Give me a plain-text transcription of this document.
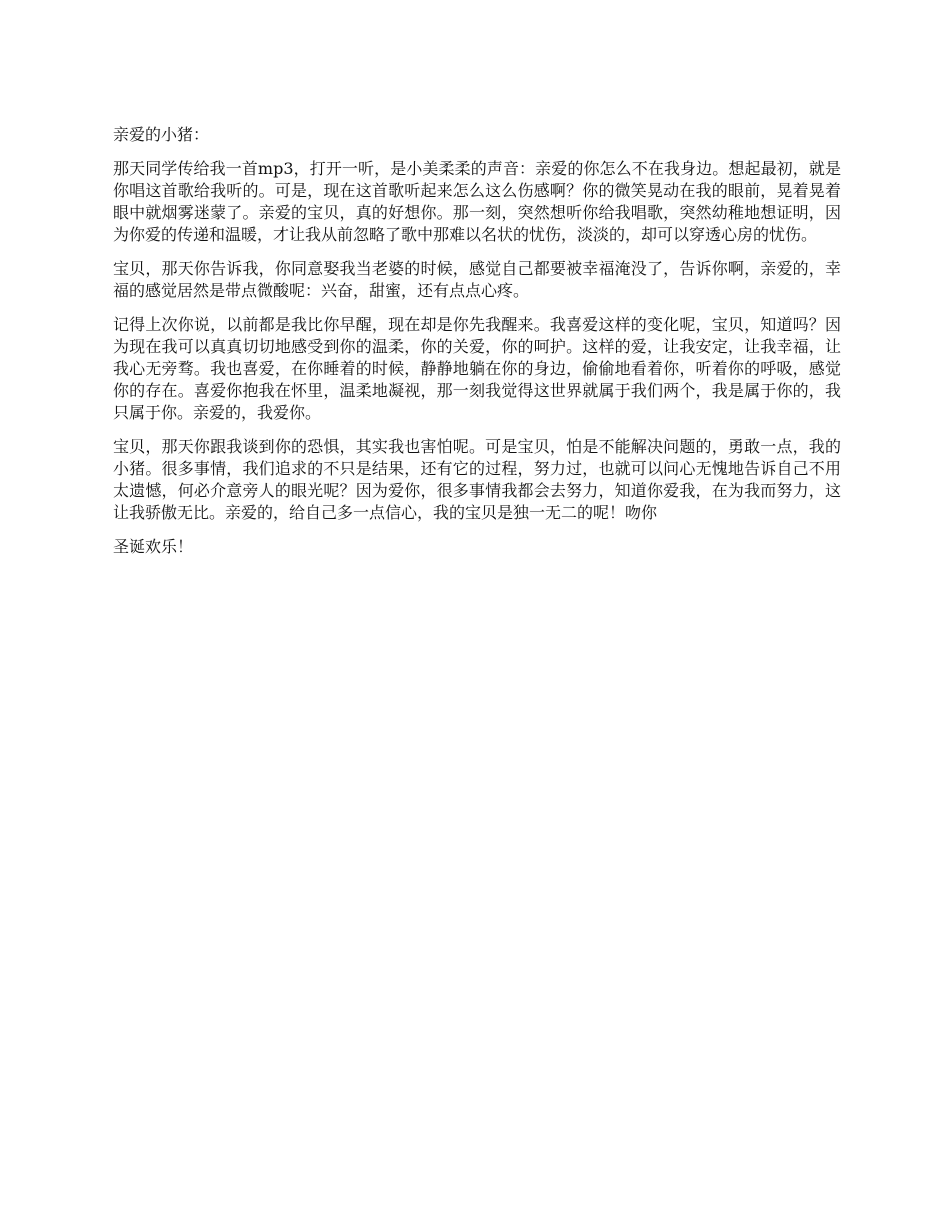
亲爱的小猪：

那天同学传给我一首mp3，打开一听，是小美柔柔的声音：亲爱的你怎么不在我身边。想起最初，就是你唱这首歌给我听的。可是，现在这首歌听起来怎么这么伤感啊？你的微笑晃动在我的眼前，晃着晃着眼中就烟雾迷蒙了。亲爱的宝贝，真的好想你。那一刻，突然想听你给我唱歌，突然幼稚地想证明，因为你爱的传递和温暖，才让我从前忽略了歌中那难以名状的忧伤，淡淡的，却可以穿透心房的忧伤。

宝贝，那天你告诉我，你同意娶我当老婆的时候，感觉自己都要被幸福淹没了，告诉你啊，亲爱的，幸福的感觉居然是带点微酸呢：兴奋，甜蜜，还有点点心疼。

记得上次你说，以前都是我比你早醒，现在却是你先我醒来。我喜爱这样的变化呢，宝贝，知道吗？因为现在我可以真真切切地感受到你的温柔，你的关爱，你的呵护。这样的爱，让我安定，让我幸福，让我心无旁骛。我也喜爱，在你睡着的时候，静静地躺在你的身边，偷偷地看着你，听着你的呼吸，感觉你的存在。喜爱你抱我在怀里，温柔地凝视，那一刻我觉得这世界就属于我们两个，我是属于你的，我只属于你。亲爱的，我爱你。

宝贝，那天你跟我谈到你的恐惧，其实我也害怕呢。可是宝贝，怕是不能解决问题的，勇敢一点，我的小猪。很多事情，我们追求的不只是结果，还有它的过程，努力过，也就可以问心无愧地告诉自己不用太遗憾，何必介意旁人的眼光呢？因为爱你，很多事情我都会去努力，知道你爱我，在为我而努力，这让我骄傲无比。亲爱的，给自己多一点信心，我的宝贝是独一无二的呢！吻你

圣诞欢乐！
